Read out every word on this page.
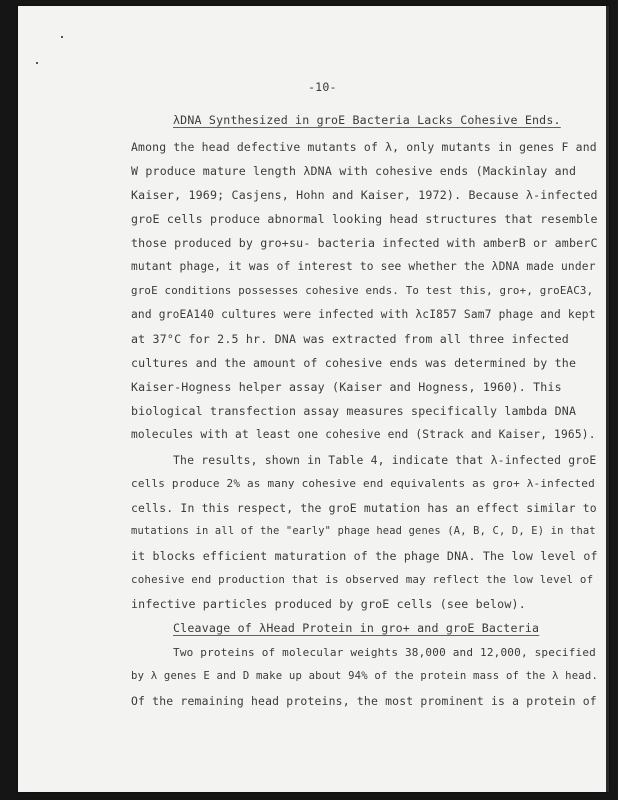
-10-
λDNA Synthesized in groE Bacteria Lacks Cohesive Ends.
Among the head defective mutants of λ, only mutants in genes F and
W produce mature length λDNA with cohesive ends (Mackinlay and
Kaiser, 1969; Casjens, Hohn and Kaiser, 1972). Because λ-infected
groE cells produce abnormal looking head structures that resemble
those produced by gro+su- bacteria infected with amberB or amberC
mutant phage, it was of interest to see whether the λDNA made under
groE conditions possesses cohesive ends. To test this, gro+, groEAC3,
and groEA140 cultures were infected with λcI857 Sam7 phage and kept
at 37°C for 2.5 hr. DNA was extracted from all three infected
cultures and the amount of cohesive ends was determined by the
Kaiser-Hogness helper assay (Kaiser and Hogness, 1960). This
biological transfection assay measures specifically lambda DNA
molecules with at least one cohesive end (Strack and Kaiser, 1965).
The results, shown in Table 4, indicate that λ-infected groE
cells produce 2% as many cohesive end equivalents as gro+ λ-infected
cells. In this respect, the groE mutation has an effect similar to
mutations in all of the "early" phage head genes (A, B, C, D, E) in that
it blocks efficient maturation of the phage DNA. The low level of
cohesive end production that is observed may reflect the low level of
infective particles produced by groE cells (see below).
Cleavage of λHead Protein in gro+ and groE Bacteria
Two proteins of molecular weights 38,000 and 12,000, specified
by λ genes E and D make up about 94% of the protein mass of the λ head.
Of the remaining head proteins, the most prominent is a protein of
